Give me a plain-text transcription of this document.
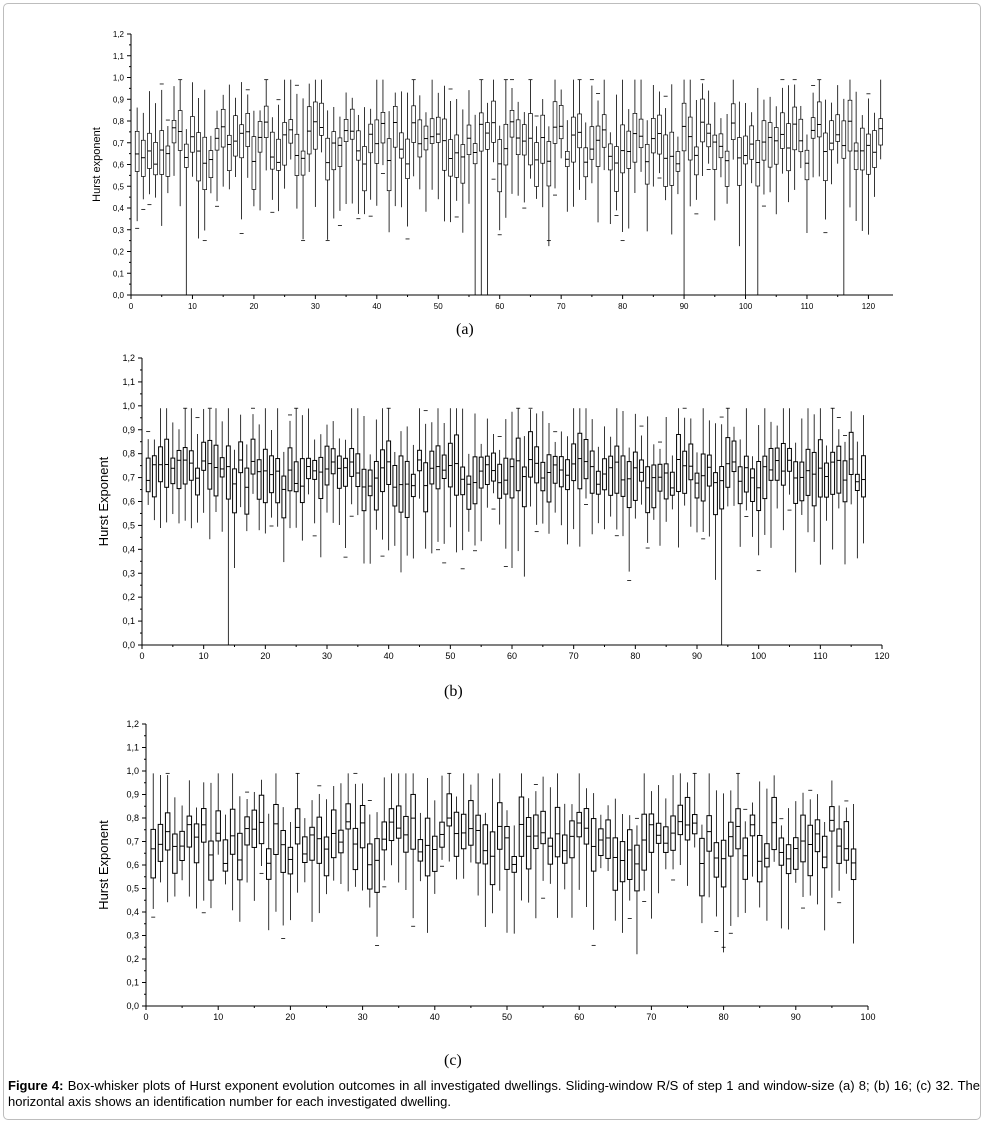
0,0
0,1
0,2
0,3
0,4
0,5
0,6
0,7
0,8
0,9
1,0
1,1
1,2
0	10	20	30	40	50	60	70	80	90	100	110	120
Hurst exponent
(a)
0,0
0,1
0,2
0,3
0,4
0,5
0,6
0,7
0,8
0,9
1,0
1,1
1,2
0	10	20	30	40	50	60	70	80	90	100	110	120
Hurst Exponent
(b)
0,0
0,1
0,2
0,3
0,4
0,5
0,6
0,7
0,8
0,9
1,0
1,1
1,2
0	10	20	30	40	50	60	70	80	90	100
Hurst Exponent
(c)
Figure 4: Box-whisker plots of Hurst exponent evolution outcomes in all investigated dwellings. Sliding-window R/S of step 1 and window-size (a) 8; (b) 16; (c) 32. The horizontal axis shows an identification number for each investigated dwelling.
